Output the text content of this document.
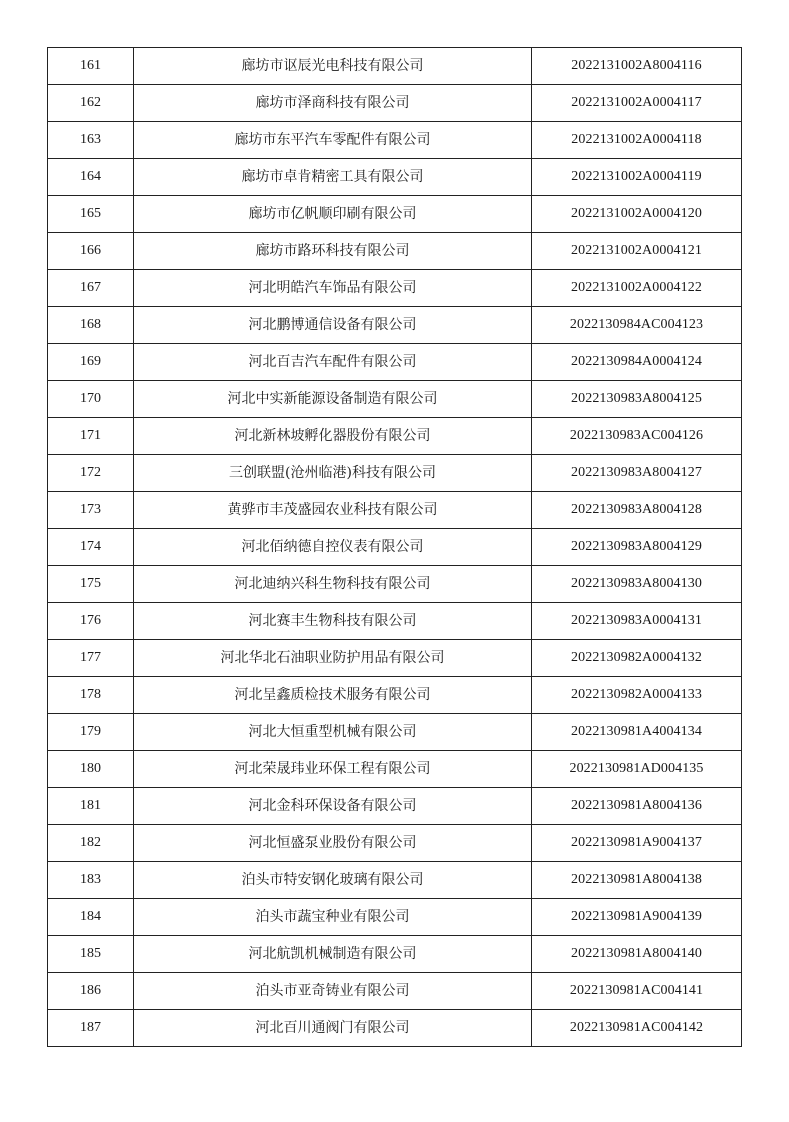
161	廊坊市讴辰光电科技有限公司	2022131002A8004116
162	廊坊市泽商科技有限公司	2022131002A0004117
163	廊坊市东平汽车零配件有限公司	2022131002A0004118
164	廊坊市卓肯精密工具有限公司	2022131002A0004119
165	廊坊市亿帆顺印刷有限公司	2022131002A0004120
166	廊坊市路环科技有限公司	2022131002A0004121
167	河北明皓汽车饰品有限公司	2022131002A0004122
168	河北鹏博通信设备有限公司	2022130984AC004123
169	河北百吉汽车配件有限公司	2022130984A0004124
170	河北中实新能源设备制造有限公司	2022130983A8004125
171	河北新林坡孵化器股份有限公司	2022130983AC004126
172	三创联盟(沧州临港)科技有限公司	2022130983A8004127
173	黄骅市丰茂盛园农业科技有限公司	2022130983A8004128
174	河北佰纳德自控仪表有限公司	2022130983A8004129
175	河北迪纳兴科生物科技有限公司	2022130983A8004130
176	河北赛丰生物科技有限公司	2022130983A0004131
177	河北华北石油职业防护用品有限公司	2022130982A0004132
178	河北呈鑫质检技术服务有限公司	2022130982A0004133
179	河北大恒重型机械有限公司	2022130981A4004134
180	河北荣晟玮业环保工程有限公司	2022130981AD004135
181	河北金科环保设备有限公司	2022130981A8004136
182	河北恒盛泵业股份有限公司	2022130981A9004137
183	泊头市特安钢化玻璃有限公司	2022130981A8004138
184	泊头市蔬宝种业有限公司	2022130981A9004139
185	河北航凯机械制造有限公司	2022130981A8004140
186	泊头市亚奇铸业有限公司	2022130981AC004141
187	河北百川通阀门有限公司	2022130981AC004142
